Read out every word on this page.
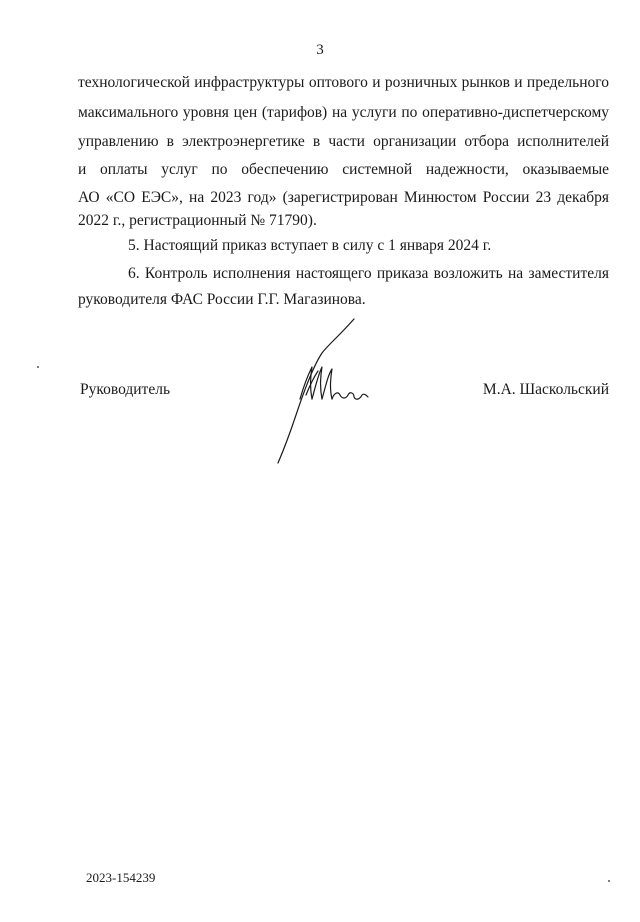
3
технологической инфраструктуры оптового и розничных рынков и предельного
максимального уровня цен (тарифов) на услуги по оперативно-диспетчерскому
управлению в электроэнергетике в части организации отбора исполнителей
и оплаты услуг по обеспечению системной надежности, оказываемые
АО «СО ЕЭС», на 2023 год» (зарегистрирован Минюстом России 23 декабря
2022 г., регистрационный № 71790).
5. Настоящий приказ вступает в силу с 1 января 2024 г.
6. Контроль исполнения настоящего приказа возложить на заместителя
руководителя ФАС России Г.Г. Магазинова.
Руководитель	М.А. Шаскольский
2023-154239
